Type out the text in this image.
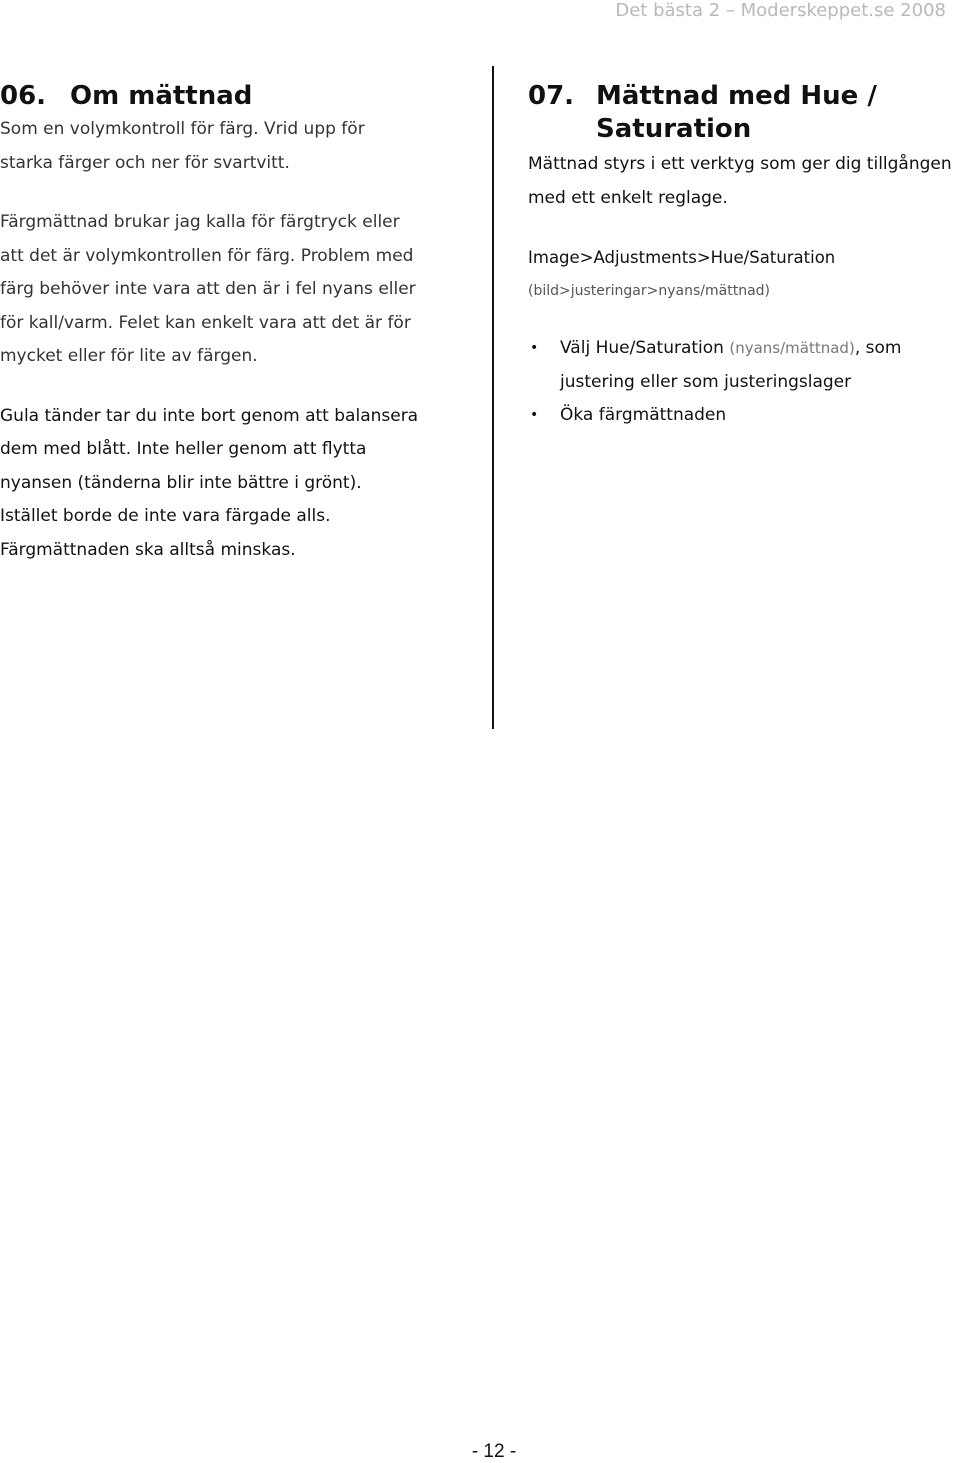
Det bästa 2 – Moderskeppet.se 2008
06. Om mättnad

Som en volymkontroll för färg. Vrid upp för

starka färger och ner för svartvitt.

Färgmättnad brukar jag kalla för färgtryck eller

att det är volymkontrollen för färg. Problem med

färg behöver inte vara att den är i fel nyans eller

för kall/varm. Felet kan enkelt vara att det är för

mycket eller för lite av färgen.

Gula tänder tar du inte bort genom att balansera

dem med blått. Inte heller genom att flytta

nyansen (tänderna blir inte bättre i grönt).

Istället borde de inte vara färgade alls.

Färgmättnaden ska alltså minskas.

07. Mättnad med Hue /
Saturation

Mättnad styrs i ett verktyg som ger dig tillgången

med ett enkelt reglage.

Image>Adjustments>Hue/Saturation
(bild>justeringar>nyans/mättnad)
• Välj Hue/Saturation (nyans/mättnad), som
justering eller som justeringslager
• Öka färgmättnaden
- 12 -
